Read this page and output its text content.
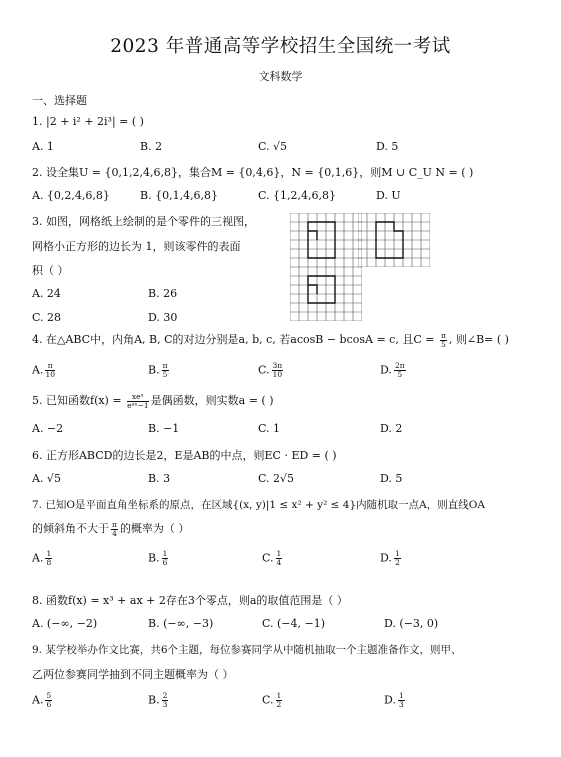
2023 年普通高等学校招生全国统一考试
文科数学
一、选择题
1. |2 + i² + 2i³| = ( )
A. 1	B. 2	C. √5	D. 5
2. 设全集U = {0,1,2,4,6,8}，集合M = {0,4,6}，N = {0,1,6}，则M ∪ C_U N = ( )
A. {0,2,4,6,8}	B. {0,1,4,6,8}	C. {1,2,4,6,8}	D. U
3. 如图，网格纸上绘制的是个零件的三视图，
网格小正方形的边长为 1，则该零件的表面
积（ ）
A. 24	B. 26
C. 28	D. 30
4. 在△ABC中，内角A, B, C的对边分别是a, b, c, 若acosB − bcosA = c, 且$C = \frac{\pi}{5}$ , 则∠B= ( )
A. $\frac{\pi}{10}$	B. $\frac{\pi}{5}$	C. $\frac{3\pi}{10}$	D. $\frac{2\pi}{5}$
5. 已知函数$f(x) = \frac{\text{xeˣ}}{\text{eᵃˣ−1}}$ 是偶函数，则实数a = ( )
A. −2	B. −1	C. 1	D. 2
6. 正方形ABCD的边长是2，E是AB的中点，则EC · ED = ( )
A. √5	B. 3	C. 2√5	D. 5
7. 已知O是平面直角坐标系的原点，在区域{(x, y)|1 ≤ x² + y² ≤ 4}内随机取一点A，则直线OA
的倾斜角不大于 $\frac{\pi}{4}$ 的概率为（ ）
A. $\frac{1}{8}$	B. $\frac{1}{6}$	C. $\frac{1}{4}$	D. $\frac{1}{2}$
8. 函数f(x) = x³ + ax + 2存在3个零点，则a的取值范围是（ ）
A. (−∞, −2)	B. (−∞, −3)	C. (−4, −1)	D. (−3, 0)
9. 某学校举办作文比赛，共6个主题，每位参赛同学从中随机抽取一个主题准备作文，则甲、
乙两位参赛同学抽到不同主题概率为（ ）
A. $\frac{5}{6}$	B. $\frac{2}{3}$	C. $\frac{1}{2}$	D. $\frac{1}{3}$
